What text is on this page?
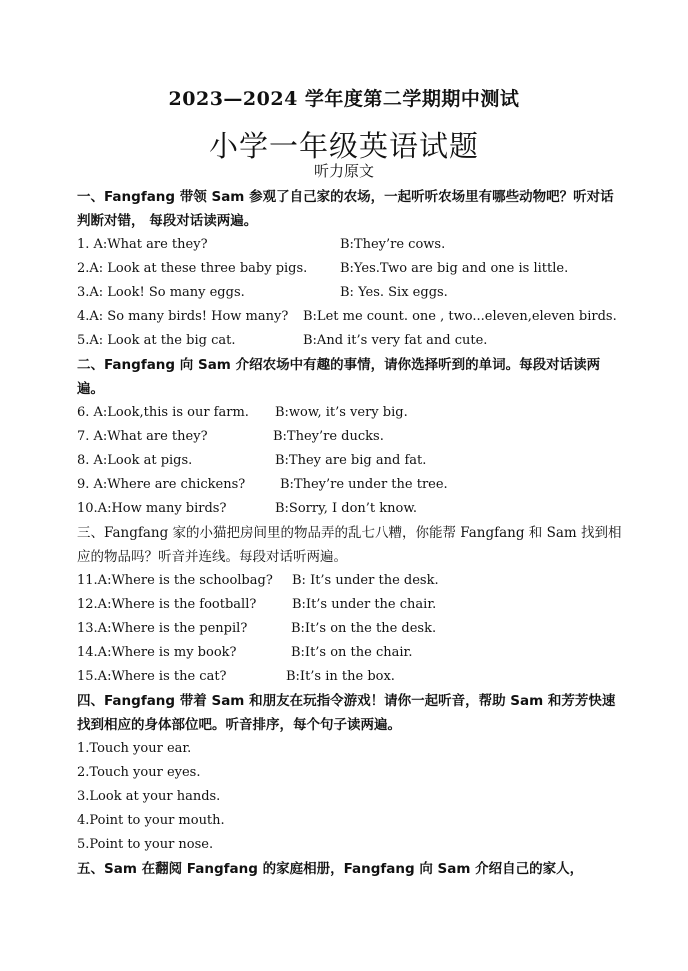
2023—2024 学年度第二学期期中测试
小学一年级英语试题
听力原文
一、Fangfang 带领 Sam 参观了自己家的农场，一起听听农场里有哪些动物吧？听对话判断对错， 每段对话读两遍。
1. A:What are they?	B:They’re cows.
2.A: Look at these three baby pigs.	B:Yes.Two are big and one is little.
3.A: Look! So many eggs.	B: Yes. Six eggs.
4.A: So many birds! How many? B:Let me count. one , two...eleven,eleven birds.
5.A: Look at the big cat.	B:And it’s very fat and cute.
二、Fangfang 向 Sam 介绍农场中有趣的事情，请你选择听到的单词。每段对话读两遍。
6. A:Look,this is our farm. B:wow, it’s very big.
7. A:What are they?	B:They’re ducks.
8. A:Look at pigs.	B:They are big and fat.
9. A:Where are chickens?	B:They’re under the tree.
10.A:How many birds?	B:Sorry, I don’t know.
三、Fangfang 家的小猫把房间里的物品弄的乱七八糟，你能帮 Fangfang 和 Sam 找到相应的物品吗？听音并连线。每段对话听两遍。
11.A:Where is the schoolbag? B: It’s under the desk.
12.A:Where is the football?	B:It’s under the chair.
13.A:Where is the penpil?	B:It’s on the the desk.
14.A:Where is my book?	B:It’s on the chair.
15.A:Where is the cat?	B:It’s in the box.
四、Fangfang 带着 Sam 和朋友在玩指令游戏！请你一起听音，帮助 Sam 和芳芳快速找到相应的身体部位吧。听音排序，每个句子读两遍。
1.Touch your ear.
2.Touch your eyes.
3.Look at your hands.
4.Point to your mouth.
5.Point to your nose.
五、Sam 在翻阅 Fangfang 的家庭相册，Fangfang 向 Sam 介绍自己的家人，
